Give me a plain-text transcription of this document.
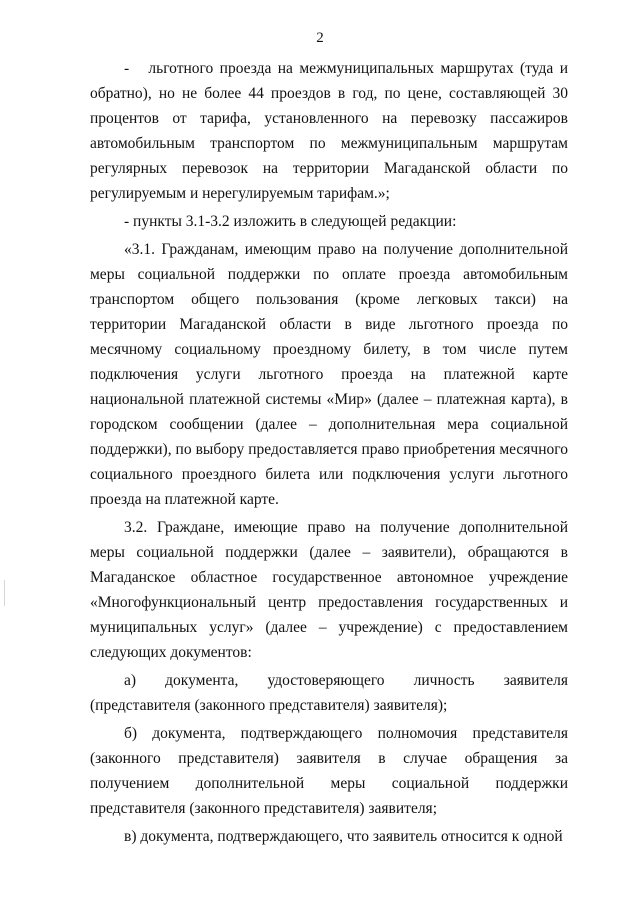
2

-   льготного проезда на межмуниципальных маршрутах (туда и обратно), но не более 44 проездов в год, по цене, составляющей 30 процентов от тарифа, установленного на перевозку пассажиров автомобильным транспортом по межмуниципальным маршрутам регулярных перевозок на территории Магаданской области по регулируемым и нерегулируемым тарифам.»;

- пункты 3.1-3.2 изложить в следующей редакции:

«3.1. Гражданам, имеющим право на получение дополнительной меры социальной поддержки по оплате проезда автомобильным транспортом общего пользования (кроме легковых такси) на территории Магаданской области в виде льготного проезда по месячному социальному проездному билету, в том числе путем подключения услуги льготного проезда на платежной карте национальной платежной системы «Мир» (далее – платежная карта), в городском сообщении (далее – дополнительная мера социальной поддержки), по выбору предоставляется право приобретения месячного социального проездного билета или подключения услуги льготного проезда на платежной карте.

3.2. Граждане, имеющие право на получение дополнительной меры социальной поддержки (далее – заявители), обращаются в Магаданское областное государственное автономное учреждение «Многофункциональный центр предоставления государственных и муниципальных услуг» (далее – учреждение) с предоставлением следующих документов:

а) документа, удостоверяющего личность заявителя (представителя (законного представителя) заявителя);

б) документа, подтверждающего полномочия представителя (законного представителя) заявителя в случае обращения за получением дополнительной меры социальной поддержки представителя (законного представителя) заявителя;

в) документа, подтверждающего, что заявитель относится к одной
